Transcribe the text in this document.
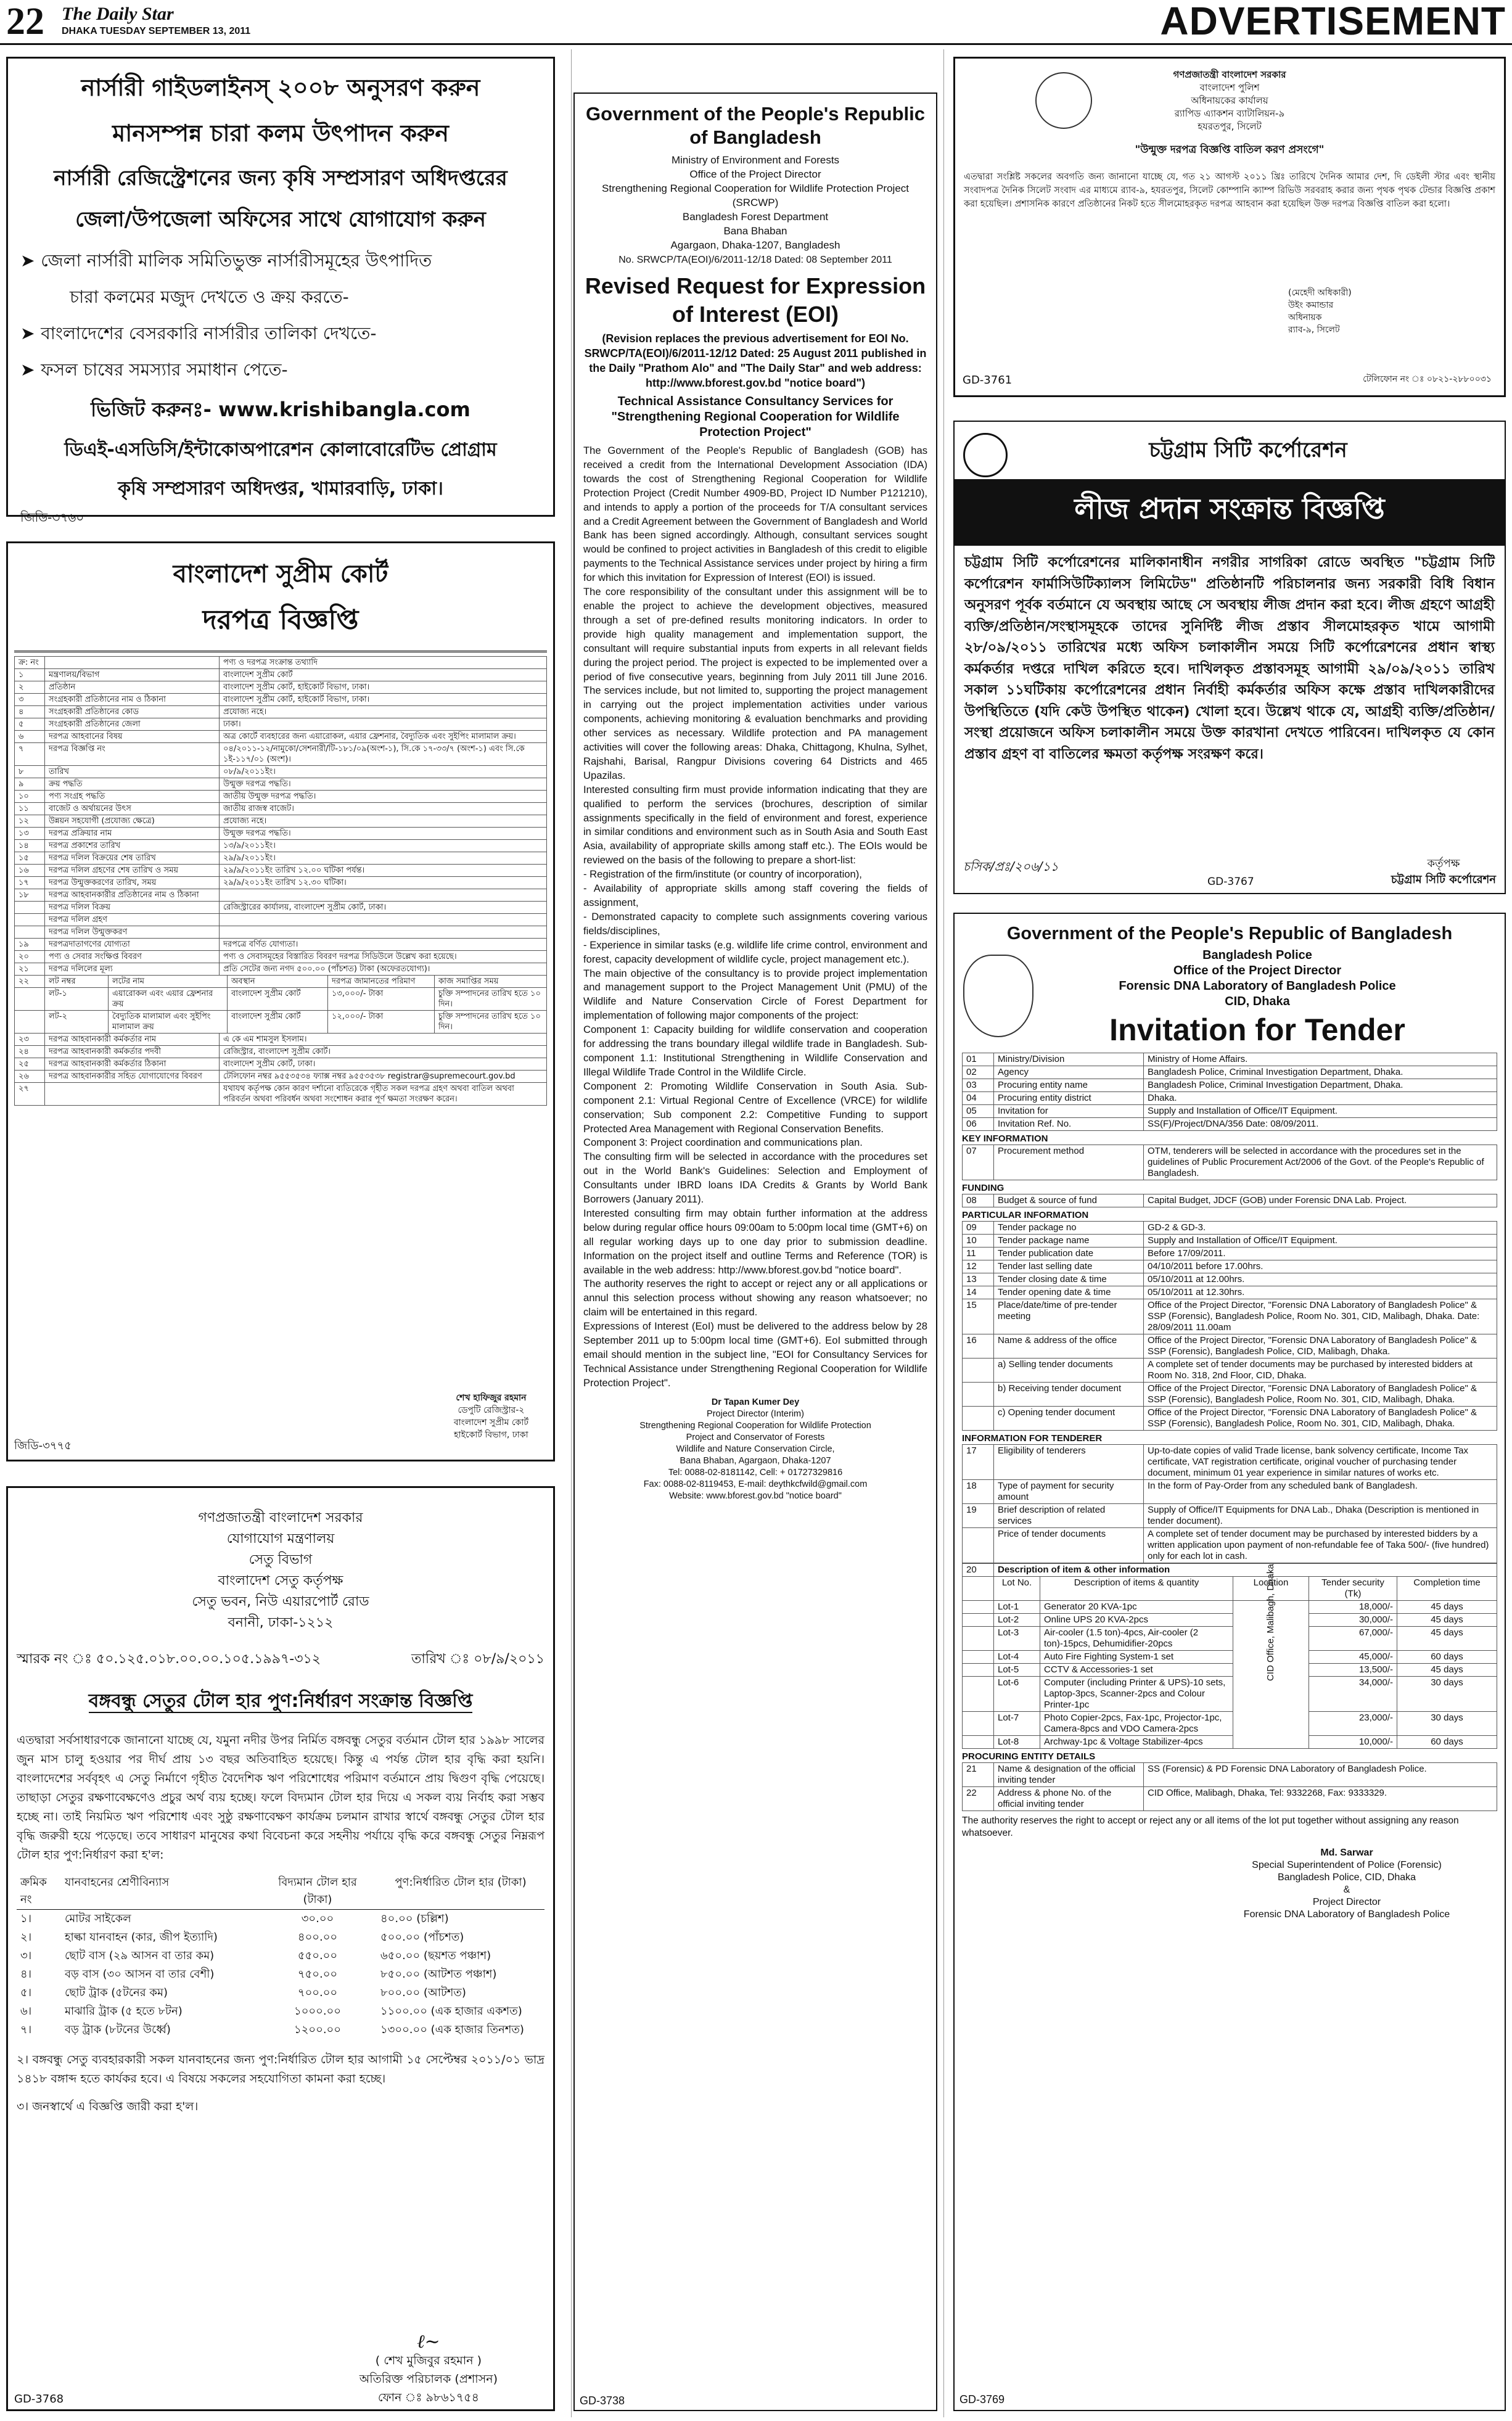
22 The Daily Star
DHAKA TUESDAY SEPTEMBER 13, 2011	ADVERTISEMENT
নার্সারী গাইডলাইনস্‌ ২০০৮ অনুসরণ করুন
মানসম্পন্ন চারা কলম উৎপাদন করুন
নার্সারী রেজিস্ট্রেশনের জন্য কৃষি সম্প্রসারণ অধিদপ্তরের
জেলা/উপজেলা অফিসের সাথে যোগাযোগ করুন
➤ জেলা নার্সারী মালিক সমিতিভুক্ত নার্সারীসমূহের উৎপাদিত
চারা কলমের মজুদ দেখতে ও ক্রয় করতে-
➤ বাংলাদেশের বেসরকারি নার্সারীর তালিকা দেখতে-
➤ ফসল চাষের সমস্যার সমাধান পেতে-
ভিজিট করুনঃ- www.krishibangla.com
ডিএই-এসডিসি/ইন্টাকোঅপারেশন কোলাবোরেটিভ প্রোগ্রাম
কৃষি সম্প্রসারণ অধিদপ্তর, খামারবাড়ি, ঢাকা।
জিডি-৩৭৬০
বাংলাদেশ সুপ্রীম কোর্ট
দরপত্র বিজ্ঞপ্তি
ক্র: নং		পণ্য ও দরপত্র সংক্রান্ত তথ্যাদি
১	মন্ত্রণালয়/বিভাগ	বাংলাদেশ সুপ্রীম কোর্ট
২	প্রতিষ্ঠান	বাংলাদেশ সুপ্রীম কোর্ট, হাইকোর্ট বিভাগ, ঢাকা।
৩	সংগ্রহকারী প্রতিষ্ঠানের নাম ও ঠিকানা	বাংলাদেশ সুপ্রীম কোর্ট, হাইকোর্ট বিভাগ, ঢাকা।
৪	সংগ্রহকারী প্রতিষ্ঠানের কোড	প্রযোজ্য নহে।
৫	সংগ্রহকারী প্রতিষ্ঠানের জেলা	ঢাকা।
৬	দরপত্র আহবানের বিষয়	অত্র কোর্টে ব্যবহারের জন্য এয়ারোকল, এয়ার ফ্রেশনার, বৈদ্যুতিক এবং সুইপিং মালামাল ক্রয়।
৭	দরপত্র বিজ্ঞপ্তি নং	০৪/২০১১-১২/নামুকো/সেশনারী/টি-১৮১/০৯(অংশ-১), সি.কে ১৭-৩৩/৭ (অংশ-১) এবং সি.কে ১ই-১১৭/০১ (অংশ)।
৮	তারিখ	০৮/৯/২০১১ইং।
৯	ক্রয় পদ্ধতি	উন্মুক্ত দরপত্র পদ্ধতি।
১০	পণ্য সংগ্রহ পদ্ধতি	জাতীয় উন্মুক্ত দরপত্র পদ্ধতি।
১১	বাজেট ও অর্থায়নের উৎস	জাতীয় রাজস্ব বাজেট।
১২	উন্নয়ন সহযোগী (প্রযোজ্য ক্ষেত্রে)	প্রযোজ্য নহে।
১৩	দরপত্র প্রক্রিয়ার নাম	উন্মুক্ত দরপত্র পদ্ধতি।
১৪	দরপত্র প্রকাশের তারিখ	১৩/৯/২০১১ইং।
১৫	দরপত্র দলিল বিক্রয়ের শেষ তারিখ	২৯/৯/২০১১ইং।
১৬	দরপত্র দলিল গ্রহণের শেষ তারিখ ও সময়	২৯/৯/২০১১ইং তারিখ ১২.০০ ঘটিকা পর্যন্ত।
১৭	দরপত্র উন্মুক্তকরণের তারিখ, সময়	২৯/৯/২০১১ইং তারিখ ১২.৩০ ঘটিকা।
১৮	দরপত্র আহবানকারীর প্রতিষ্ঠানের নাম ও ঠিকানা	
	দরপত্র দলিল বিক্রয়	রেজিস্ট্রারের কার্যালয়, বাংলাদেশ সুপ্রীম কোর্ট, ঢাকা।
	দরপত্র দলিল গ্রহণ	
	দরপত্র দলিল উন্মুক্তকরণ	
১৯	দরপত্রদাতাগণের যোগ্যতা	দরপত্রে বর্ণিত যোগ্যতা।
২০	পণ্য ও সেবার সংক্ষিপ্ত বিবরণ	পণ্য ও সেবাসমূহের বিস্তারিত বিবরণ দরপত্র সিডিউলে উল্লেখ করা হয়েছে।
২১	দরপত্র দলিলের মূল্য	প্রতি সেটের জন্য নগদ ৫০০.০০ (পাঁচশত) টাকা (অফেরতযোগ্য)।
২২	লট নম্বর	লটের নাম	অবস্থান	দরপত্র জামানতের পরিমাণ	কাজ সমাপ্তির সময়
	লট-১	এয়ারোকল এবং এয়ার ফ্রেশনার ক্রয়	বাংলাদেশ সুপ্রীম কোর্ট	১৩,০০০/- টাকা	চুক্তি সম্পাদনের তারিখ হতে ১০ দিন।
	লট-২	বৈদ্যুতিক মালামাল এবং সুইপিং মালামাল ক্রয়	বাংলাদেশ সুপ্রীম কোর্ট	১২,০০০/- টাকা	চুক্তি সম্পাদনের তারিখ হতে ১০ দিন।
২৩	দরপত্র আহবানকারী কর্মকর্তার নাম	এ কে এম শামসুল ইসলাম।
২৪	দরপত্র আহবানকারী কর্মকর্তার পদবী	রেজিস্ট্রার, বাংলাদেশ সুপ্রীম কোর্ট।
২৫	দরপত্র আহবানকারী কর্মকর্তার ঠিকানা	বাংলাদেশ সুপ্রীম কোর্ট, ঢাকা।
২৬	দরপত্র আহবানকারীর সহিত যোগাযোগের বিবরণ	টেলিফোন নম্বর ৯৫৫৩৫৩৪ ফ্যাক্স নম্বর ৯৫৫৩৫৩৮ registrar@supremecourt.gov.bd
২৭		যথাযথ কর্তৃপক্ষ কোন কারণ দর্শানো ব্যতিরেকে গৃহীত সকল দরপত্র গ্রহণ অথবা বাতিল অথবা পরিবর্তন অথবা পরিবর্ধন অথবা সংশোধন করার পূর্ণ ক্ষমতা সংরক্ষণ করেন।
শেখ হাফিজুর রহমান
ডেপুটি রেজিস্ট্রার-২
বাংলাদেশ সুপ্রীম কোর্ট
হাইকোর্ট বিভাগ, ঢাকা
জিডি-৩৭৭৫
গণপ্রজাতন্ত্রী বাংলাদেশ সরকার
যোগাযোগ মন্ত্রণালয়
সেতু বিভাগ
বাংলাদেশ সেতু কর্তৃপক্ষ
সেতু ভবন, নিউ এয়ারপোর্ট রোড
বনানী, ঢাকা-১২১২
স্মারক নং ঃ ৫০.১২৫.০১৮.০০.০০.১০৫.১৯৯৭-৩১২	তারিখ ঃ ০৮/৯/২০১১
বঙ্গবন্ধু সেতুর টোল হার পুণ:নির্ধারণ সংক্রান্ত বিজ্ঞপ্তি
এতদ্বারা সর্বসাধারণকে জানানো যাচ্ছে যে, যমুনা নদীর উপর নির্মিত বঙ্গবন্ধু সেতুর বর্তমান টোল হার ১৯৯৮ সালের জুন মাস চালু হওয়ার পর দীর্ঘ প্রায় ১৩ বছর অতিবাহিত হয়েছে। কিন্তু এ পর্যন্ত টোল হার বৃদ্ধি করা হয়নি। বাংলাদেশের সর্ববৃহৎ এ সেতু নির্মাণে গৃহীত বৈদেশিক ঋণ পরিশোধের পরিমাণ বর্তমানে প্রায় দ্বিগুণ বৃদ্ধি পেয়েছে। তাছাড়া সেতুর রক্ষণাবেক্ষণেও প্রচুর অর্থ ব্যয় হচ্ছে। ফলে বিদ্যমান টোল হার দিয়ে এ সকল ব্যয় নির্বাহ করা সম্ভব হচ্ছে না। তাই নিয়মিত ঋণ পরিশোধ এবং সুষ্ঠু রক্ষণাবেক্ষণ কার্যক্রম চলমান রাখার স্বার্থে বঙ্গবন্ধু সেতুর টোল হার বৃদ্ধি জরুরী হয়ে পড়েছে। তবে সাধারণ মানুষের কথা বিবেচনা করে সহনীয় পর্যায়ে বৃদ্ধি করে বঙ্গবন্ধু সেতুর নিম্নরূপ টোল হার পুণ:নির্ধারণ করা হ'ল:
ক্রমিক নং	যানবাহনের শ্রেণীবিন্যাস	বিদ্যমান টোল হার (টাকা)	পুণ:নির্ধারিত টোল হার (টাকা)
১।	মোটর সাইকেল	৩০.০০	৪০.০০ (চল্লিশ)
২।	হাল্কা যানবাহন (কার, জীপ ইত্যাদি)	৪০০.০০	৫০০.০০ (পাঁচশত)
৩।	ছোট বাস (২৯ আসন বা তার কম)	৫৫০.০০	৬৫০.০০ (ছয়শত পঞ্চাশ)
৪।	বড় বাস (৩০ আসন বা তার বেশী)	৭৫০.০০	৮৫০.০০ (আটশত পঞ্চাশ)
৫।	ছোট ট্রাক (৫টনের কম)	৭০০.০০	৮০০.০০ (আটশত)
৬।	মাঝারি ট্রাক (৫ হতে ৮টন)	১০০০.০০	১১০০.০০ (এক হাজার একশত)
৭।	বড় ট্রাক (৮টনের উর্ধ্বে)	১২০০.০০	১৩০০.০০ (এক হাজার তিনশত)
২। বঙ্গবন্ধু সেতু ব্যবহারকারী সকল যানবাহনের জন্য পুণ:নির্ধারিত টোল হার আগামী ১৫ সেপ্টেম্বর ২০১১/০১ ভাদ্র ১৪১৮ বঙ্গাব্দ হতে কার্যকর হবে। এ বিষয়ে সকলের সহযোগিতা কামনা করা হচ্ছে।
৩। জনস্বার্থে এ বিজ্ঞপ্তি জারী করা হ'ল।
ℓ∼
( শেখ মুজিবুর রহমান )
অতিরিক্ত পরিচালক (প্রশাসন)
ফোন ঃ ৯৮৬১৭৫৪
GD-3768
Government of the People's Republic of Bangladesh
Ministry of Environment and Forests
Office of the Project Director
Strengthening Regional Cooperation for Wildlife Protection Project (SRCWP)
Bangladesh Forest Department
Bana Bhaban
Agargaon, Dhaka-1207, Bangladesh
No. SRWCP/TA(EOI)/6/2011-12/18 Dated: 08 September 2011
Revised Request for Expression of Interest (EOI)
(Revision replaces the previous advertisement for EOI No. SRWCP/TA(EOI)/6/2011-12/12 Dated: 25 August 2011 published in the Daily "Prathom Alo" and "The Daily Star" and web address: http://www.bforest.gov.bd "notice board")
Technical Assistance Consultancy Services for "Strengthening Regional Cooperation for Wildlife Protection Project"
The Government of the People's Republic of Bangladesh (GOB) has received a credit from the International Development Association (IDA) towards the cost of Strengthening Regional Cooperation for Wildlife Protection Project (Credit Number 4909-BD, Project ID Number P121210), and intends to apply a portion of the proceeds for T/A consultant services and a Credit Agreement between the Government of Bangladesh and World Bank has been signed accordingly. Although, consultant services sought would be confined to project activities in Bangladesh of this credit to eligible payments to the Technical Assistance services under project by hiring a firm for which this invitation for Expression of Interest (EOI) is issued.
The core responsibility of the consultant under this assignment will be to enable the project to achieve the development objectives, measured through a set of pre-defined results monitoring indicators. In order to provide high quality management and implementation support, the consultant will require substantial inputs from experts in all relevant fields during the project period. The project is expected to be implemented over a period of five consecutive years, beginning from July 2011 till June 2016. The services include, but not limited to, supporting the project management in carrying out the project implementation activities under various components, achieving monitoring & evaluation benchmarks and providing other services as necessary. Wildlife protection and PA management activities will cover the following areas: Dhaka, Chittagong, Khulna, Sylhet, Rajshahi, Barisal, Rangpur Divisions covering 64 Districts and 465 Upazilas.
Interested consulting firm must provide information indicating that they are qualified to perform the services (brochures, description of similar assignments specifically in the field of environment and forest, experience in similar conditions and environment such as in South Asia and South East Asia, availability of appropriate skills among staff etc.). The EOIs would be reviewed on the basis of the following to prepare a short-list:
- Registration of the firm/institute (or country of incorporation),
- Availability of appropriate skills among staff covering the fields of assignment,
- Demonstrated capacity to complete such assignments covering various fields/disciplines,
- Experience in similar tasks (e.g. wildlife life crime control, environment and forest, capacity development of wildlife cycle, project management etc.).
The main objective of the consultancy is to provide project implementation and management support to the Project Management Unit (PMU) of the Wildlife and Nature Conservation Circle of Forest Department for implementation of following major components of the project:
Component 1: Capacity building for wildlife conservation and cooperation for addressing the trans boundary illegal wildlife trade in Bangladesh. Sub-component 1.1: Institutional Strengthening in Wildlife Conservation and Illegal Wildlife Trade Control in the Wildlife Circle.
Component 2: Promoting Wildlife Conservation in South Asia. Sub-component 2.1: Virtual Regional Centre of Excellence (VRCE) for wildlife conservation; Sub component 2.2: Competitive Funding to support Protected Area Management with Regional Conservation Benefits.
Component 3: Project coordination and communications plan.
The consulting firm will be selected in accordance with the procedures set out in the World Bank's Guidelines: Selection and Employment of Consultants under IBRD loans IDA Credits & Grants by World Bank Borrowers (January 2011).
Interested consulting firm may obtain further information at the address below during regular office hours 09:00am to 5:00pm local time (GMT+6) on all regular working days up to one day prior to submission deadline. Information on the project itself and outline Terms and Reference (TOR) is available in the web address: http://www.bforest.gov.bd "notice board".
The authority reserves the right to accept or reject any or all applications or annul this selection process without showing any reason whatsoever; no claim will be entertained in this regard.
Expressions of Interest (EoI) must be delivered to the address below by 28 September 2011 up to 5:00pm local time (GMT+6). EoI submitted through email should mention in the subject line, "EOI for Consultancy Services for Technical Assistance under Strengthening Regional Cooperation for Wildlife Protection Project".
Dr Tapan Kumer Dey
Project Director (Interim)
Strengthening Regional Cooperation for Wildlife Protection
Project and Conservator of Forests
Wildlife and Nature Conservation Circle,
Bana Bhaban, Agargaon, Dhaka-1207
Tel: 0088-02-8181142, Cell: + 01727329816
Fax: 0088-02-8119453, E-mail: deythkcfwild@gmail.com
Website: www.bforest.gov.bd "notice board"
GD-3738
গণপ্রজাতন্ত্রী বাংলাদেশ সরকার
বাংলাদেশ পুলিশ
অধিনায়কের কার্যালয়
র‌্যাপিড এ্যাকশন ব্যাটালিয়ন-৯
হযরতপুর, সিলেট
"উন্মুক্ত দরপত্র বিজ্ঞপ্তি বাতিল করণ প্রসংগে"
এতদ্বারা সংশ্লিষ্ট সকলের অবগতি জন্য জানানো যাচ্ছে যে, গত ২১ আগস্ট ২০১১ খ্রিঃ তারিখে দৈনিক আমার দেশ, দি ডেইলী স্টার এবং স্থানীয় সংবাদপত্র দৈনিক সিলেট সংবাদ এর মাধ্যমে র‌্যাব-৯, হযরতপুর, সিলেট কোম্পানি ক্যাম্প রিভিউ সরবরাহ করার জন্য পৃথক পৃথক টেন্ডার বিজ্ঞপ্তি প্রকাশ করা হয়েছিল। প্রশাসনিক কারণে প্রতিষ্ঠানের নিকট হতে সীলমোহরকৃত দরপত্র আহবান করা হয়েছিল উক্ত দরপত্র বিজ্ঞপ্তি বাতিল করা হলো।
(মেহেদী অধিকারী)
উইং কমান্ডার
অধিনায়ক
র‌্যাব-৯, সিলেট
টেলিফোন নং ঃ ০৮২১-২৮৮০০৩১
GD-3761
চট্টগ্রাম সিটি কর্পোরেশন
লীজ প্রদান সংক্রান্ত বিজ্ঞপ্তি
চট্টগ্রাম সিটি কর্পোরেশনের মালিকানাধীন নগরীর সাগরিকা রোডে অবস্থিত "চট্টগ্রাম সিটি কর্পোরেশন ফার্মাসিউটিক্যালস লিমিটেড" প্রতিষ্ঠানটি পরিচালনার জন্য সরকারী বিধি বিধান অনুসরণ পূর্বক বর্তমানে যে অবস্থায় আছে সে অবস্থায় লীজ প্রদান করা হবে। লীজ গ্রহণে আগ্রহী ব্যক্তি/প্রতিষ্ঠান/সংস্থাসমূহকে তাদের সুনির্দিষ্ট লীজ প্রস্তাব সীলমোহরকৃত খামে আগামী ২৮/০৯/২০১১ তারিখের মধ্যে অফিস চলাকালীন সময়ে সিটি কর্পোরেশনের প্রধান স্বাস্থ্য কর্মকর্তার দপ্তরে দাখিল করিতে হবে। দাখিলকৃত প্রস্তাবসমূহ আগামী ২৯/০৯/২০১১ তারিখ সকাল ১১ঘটিকায় কর্পোরেশনের প্রধান নির্বাহী কর্মকর্তার অফিস কক্ষে প্রস্তাব দাখিলকারীদের উপস্থিতিতে (যদি কেউ উপস্থিত থাকেন) খোলা হবে। উল্লেখ থাকে যে, আগ্রহী ব্যক্তি/প্রতিষ্ঠান/সংস্থা প্রয়োজনে অফিস চলাকালীন সময়ে উক্ত কারখানা দেখতে পারিবেন। দাখিলকৃত যে কোন প্রস্তাব গ্রহণ বা বাতিলের ক্ষমতা কর্তৃপক্ষ সংরক্ষণ করে।
চসিক/প্রঃ/২০৬/১১
GD-3767
কর্তৃপক্ষ
চট্টগ্রাম সিটি কর্পোরেশন
Government of the People's Republic of Bangladesh
Bangladesh Police
Office of the Project Director
Forensic DNA Laboratory of Bangladesh Police
CID, Dhaka
Invitation for Tender
01	Ministry/Division	Ministry of Home Affairs.
02	Agency	Bangladesh Police, Criminal Investigation Department, Dhaka.
03	Procuring entity name	Bangladesh Police, Criminal Investigation Department, Dhaka.
04	Procuring entity district	Dhaka.
05	Invitation for	Supply and Installation of Office/IT Equipment.
06	Invitation Ref. No.	SS(F)/Project/DNA/356 Date: 08/09/2011.
KEY INFORMATION
07	Procurement method	OTM, tenderers will be selected in accordance with the procedures set in the guidelines of Public Procurement Act/2006 of the Govt. of the People's Republic of Bangladesh.
FUNDING
08	Budget & source of fund	Capital Budget, JDCF (GOB) under Forensic DNA Lab. Project.
PARTICULAR INFORMATION
09	Tender package no	GD-2 & GD-3.
10	Tender package name	Supply and Installation of Office/IT Equipment.
11	Tender publication date	Before 17/09/2011.
12	Tender last selling date	04/10/2011 before 17.00hrs.
13	Tender closing date & time	05/10/2011 at 12.00hrs.
14	Tender opening date & time	05/10/2011 at 12.30hrs.
15	Place/date/time of pre-tender meeting	Office of the Project Director, "Forensic DNA Laboratory of Bangladesh Police" & SSP (Forensic), Bangladesh Police, Room No. 301, CID, Malibagh, Dhaka. Date: 28/09/2011 11.00am
16	Name & address of the office	Office of the Project Director, "Forensic DNA Laboratory of Bangladesh Police" & SSP (Forensic), Bangladesh Police, CID, Malibagh, Dhaka.
	a) Selling tender documents	A complete set of tender documents may be purchased by interested bidders at Room No. 318, 2nd Floor, CID, Dhaka.
	b) Receiving tender document	Office of the Project Director, "Forensic DNA Laboratory of Bangladesh Police" & SSP (Forensic), Bangladesh Police, Room No. 301, CID, Malibagh, Dhaka.
	c) Opening tender document	Office of the Project Director, "Forensic DNA Laboratory of Bangladesh Police" & SSP (Forensic), Bangladesh Police, Room No. 301, CID, Malibagh, Dhaka.
INFORMATION FOR TENDERER
17	Eligibility of tenderers	Up-to-date copies of valid Trade license, bank solvency certificate, Income Tax certificate, VAT registration certificate, original voucher of purchasing tender document, minimum 01 year experience in similar natures of works etc.
18	Type of payment for security amount	In the form of Pay-Order from any scheduled bank of Bangladesh.
19	Brief description of related services	Supply of Office/IT Equipments for DNA Lab., Dhaka (Description is mentioned in tender document).
	Price of tender documents	A complete set of tender document may be purchased by interested bidders by a written application upon payment of non-refundable fee of Taka 500/- (five hundred) only for each lot in cash.
20	Description of item & other information				
	Lot No.	Description of items & quantity	Location	Tender security (Tk)	Completion time
	Lot-1	Generator 20 KVA-1pc	CID Office, Malibagh, Dhaka	18,000/-	45 days
	Lot-2	Online UPS 20 KVA-2pcs		30,000/-	45 days
	Lot-3	Air-cooler (1.5 ton)-4pcs, Air-cooler (2 ton)-15pcs, Dehumidifier-20pcs		67,000/-	45 days
	Lot-4	Auto Fire Fighting System-1 set		45,000/-	60 days
	Lot-5	CCTV & Accessories-1 set		13,500/-	45 days
	Lot-6	Computer (including Printer & UPS)-10 sets, Laptop-3pcs, Scanner-2pcs and Colour Printer-1pc		34,000/-	30 days
	Lot-7	Photo Copier-2pcs, Fax-1pc, Projector-1pc, Camera-8pcs and VDO Camera-2pcs		23,000/-	30 days
	Lot-8	Archway-1pc & Voltage Stabilizer-4pcs		10,000/-	60 days
PROCURING ENTITY DETAILS
21	Name & designation of the official inviting tender	SS (Forensic) & PD Forensic DNA Laboratory of Bangladesh Police.
22	Address & phone No. of the official inviting tender	CID Office, Malibagh, Dhaka, Tel: 9332268, Fax: 9333329.
The authority reserves the right to accept or reject any or all items of the lot put together without assigning any reason whatsoever.
Md. Sarwar
Special Superintendent of Police (Forensic)
Bangladesh Police, CID, Dhaka
&
Project Director
Forensic DNA Laboratory of Bangladesh Police
GD-3769
